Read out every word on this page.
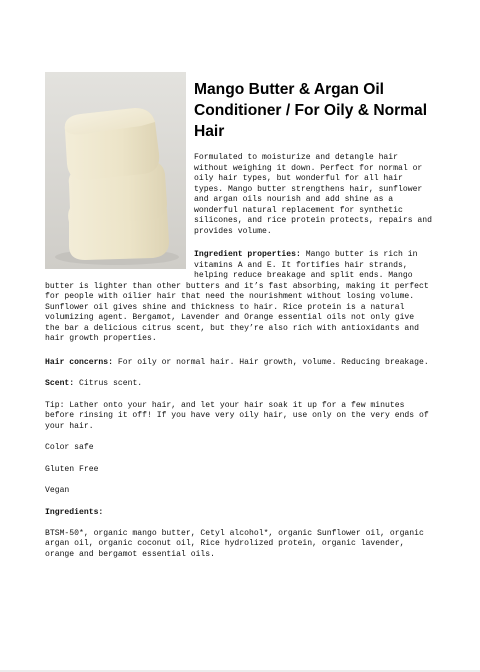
Mango Butter & Argan Oil
Conditioner / For Oily & Normal
Hair
Formulated to moisturize and detangle hair
without weighing it down. Perfect for normal or
oily hair types, but wonderful for all hair
types. Mango butter strengthens hair, sunflower
and argan oils nourish and add shine as a
wonderful natural replacement for synthetic
silicones, and rice protein protects, repairs and
provides volume.
Ingredient properties: Mango butter is rich in
vitamins A and E. It fortifies hair strands,
helping reduce breakage and split ends. Mango
butter is lighter than other butters and it’s fast absorbing, making it perfect
for people with oilier hair that need the nourishment without losing volume.
Sunflower oil gives shine and thickness to hair. Rice protein is a natural
volumizing agent. Bergamot, Lavender and Orange essential oils not only give
the bar a delicious citrus scent, but they’re also rich with antioxidants and
hair growth properties.
Hair concerns: For oily or normal hair. Hair growth, volume. Reducing breakage.
Scent: Citrus scent.
Tip: Lather onto your hair, and let your hair soak it up for a few minutes
before rinsing it off! If you have very oily hair, use only on the very ends of
your hair.
Color safe
Gluten Free
Vegan
Ingredients:
BTSM-50*, organic mango butter, Cetyl alcohol*, organic Sunflower oil, organic
argan oil, organic coconut oil, Rice hydrolized protein, organic lavender,
orange and bergamot essential oils.
